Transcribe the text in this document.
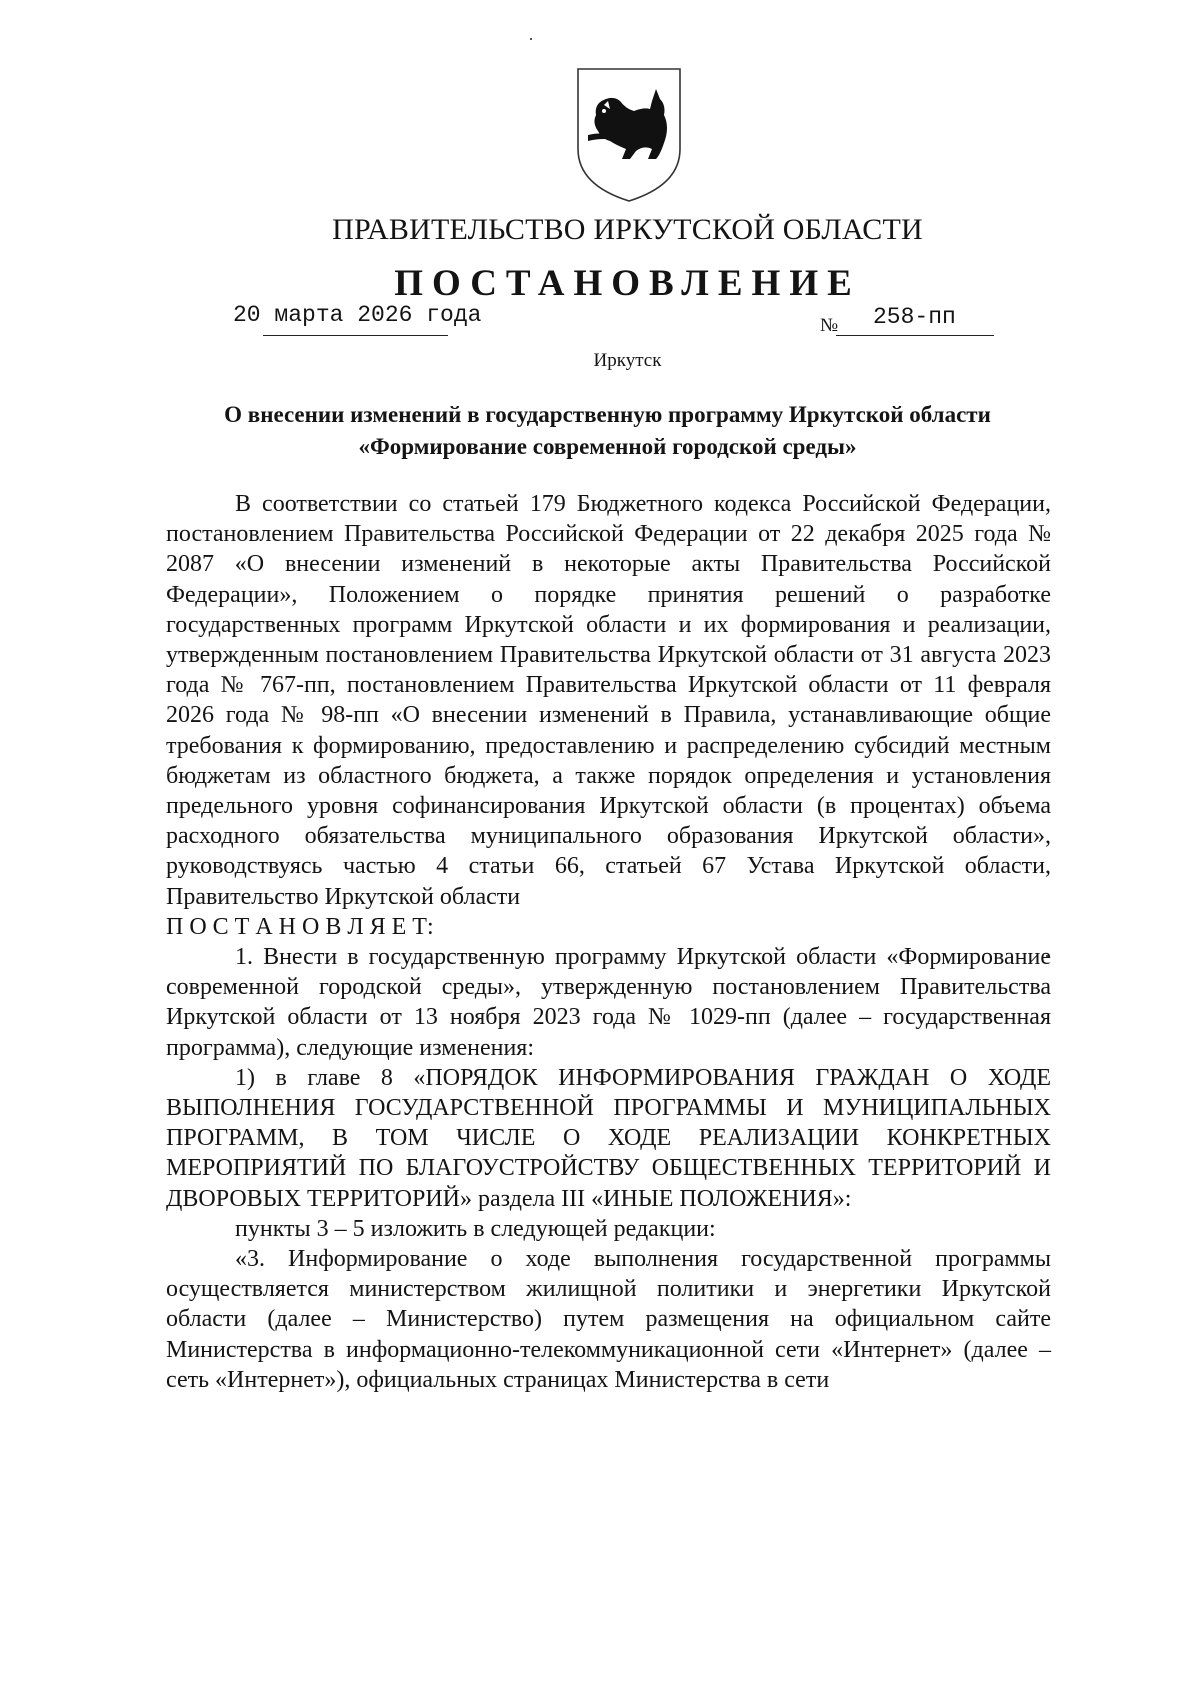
ПРАВИТЕЛЬСТВО ИРКУТСКОЙ ОБЛАСТИ
ПОСТАНОВЛЕНИЕ
20 марта 2026 года	№ 258-пп
Иркутск
О внесении изменений в государственную программу Иркутской области
«Формирование современной городской среды»

В соответствии со статьей 179 Бюджетного кодекса Российской Федерации, постановлением Правительства Российской Федерации от 22 декабря 2025 года № 2087 «О внесении изменений в некоторые акты Правительства Российской Федерации», Положением о порядке принятия решений о разработке государственных программ Иркутской области и их формирования и реализации, утвержденным постановлением Правительства Иркутской области от 31 августа 2023 года № 767-пп, постановлением Правительства Иркутской области от 11 февраля 2026 года № 98-пп «О внесении изменений в Правила, устанавливающие общие требования к формированию, предоставлению и распределению субсидий местным бюджетам из областного бюджета, а также порядок определения и установления предельного уровня софинансирования Иркутской области (в процентах) объема расходного обязательства муниципального образования Иркутской области», руководствуясь частью 4 статьи 66, статьей 67 Устава Иркутской области, Правительство Иркутской области

П О С Т А Н О В Л Я Е Т:

1. Внести в государственную программу Иркутской области «Формирование современной городской среды», утвержденную постановлением Правительства Иркутской области от 13 ноября 2023 года № 1029-пп (далее – государственная программа), следующие изменения:

1) в главе 8 «ПОРЯДОК ИНФОРМИРОВАНИЯ ГРАЖДАН О ХОДЕ ВЫПОЛНЕНИЯ ГОСУДАРСТВЕННОЙ ПРОГРАММЫ И МУНИЦИПАЛЬНЫХ ПРОГРАММ, В ТОМ ЧИСЛЕ О ХОДЕ РЕАЛИЗАЦИИ КОНКРЕТНЫХ МЕРОПРИЯТИЙ ПО БЛАГОУСТРОЙСТВУ ОБЩЕСТВЕННЫХ ТЕРРИТОРИЙ И ДВОРОВЫХ ТЕРРИТОРИЙ» раздела III «ИНЫЕ ПОЛОЖЕНИЯ»:

пункты 3 – 5 изложить в следующей редакции:

«3. Информирование о ходе выполнения государственной программы осуществляется министерством жилищной политики и энергетики Иркутской области (далее – Министерство) путем размещения на официальном сайте Министерства в информационно-телекоммуникационной сети «Интернет» (далее – сеть «Интернет»), официальных страницах Министерства в сети
